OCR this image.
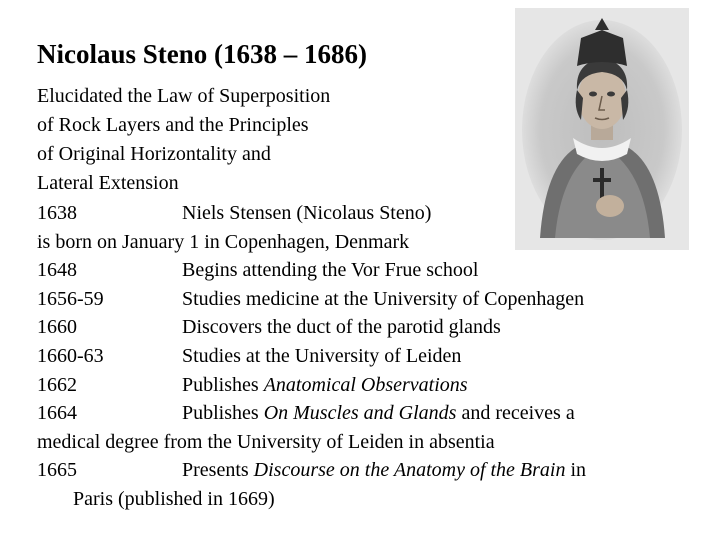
Nicolaus Steno (1638 – 1686)
Elucidated the Law of Superposition
of Rock Layers and the Principles
of Original Horizontality and
Lateral Extension
1638	Niels Stensen (Nicolaus Steno)
is born on January 1 in Copenhagen, Denmark
1648	Begins attending the Vor Frue school
1656-59	Studies medicine at the University of Copenhagen
1660	Discovers the duct of the parotid glands
1660-63	Studies at the University of Leiden
1662	Publishes Anatomical Observations
1664	Publishes On Muscles and Glands and receives a
medical degree from the University of Leiden in absentia
1665	Presents Discourse on the Anatomy of the Brain in
Paris (published in 1669)
